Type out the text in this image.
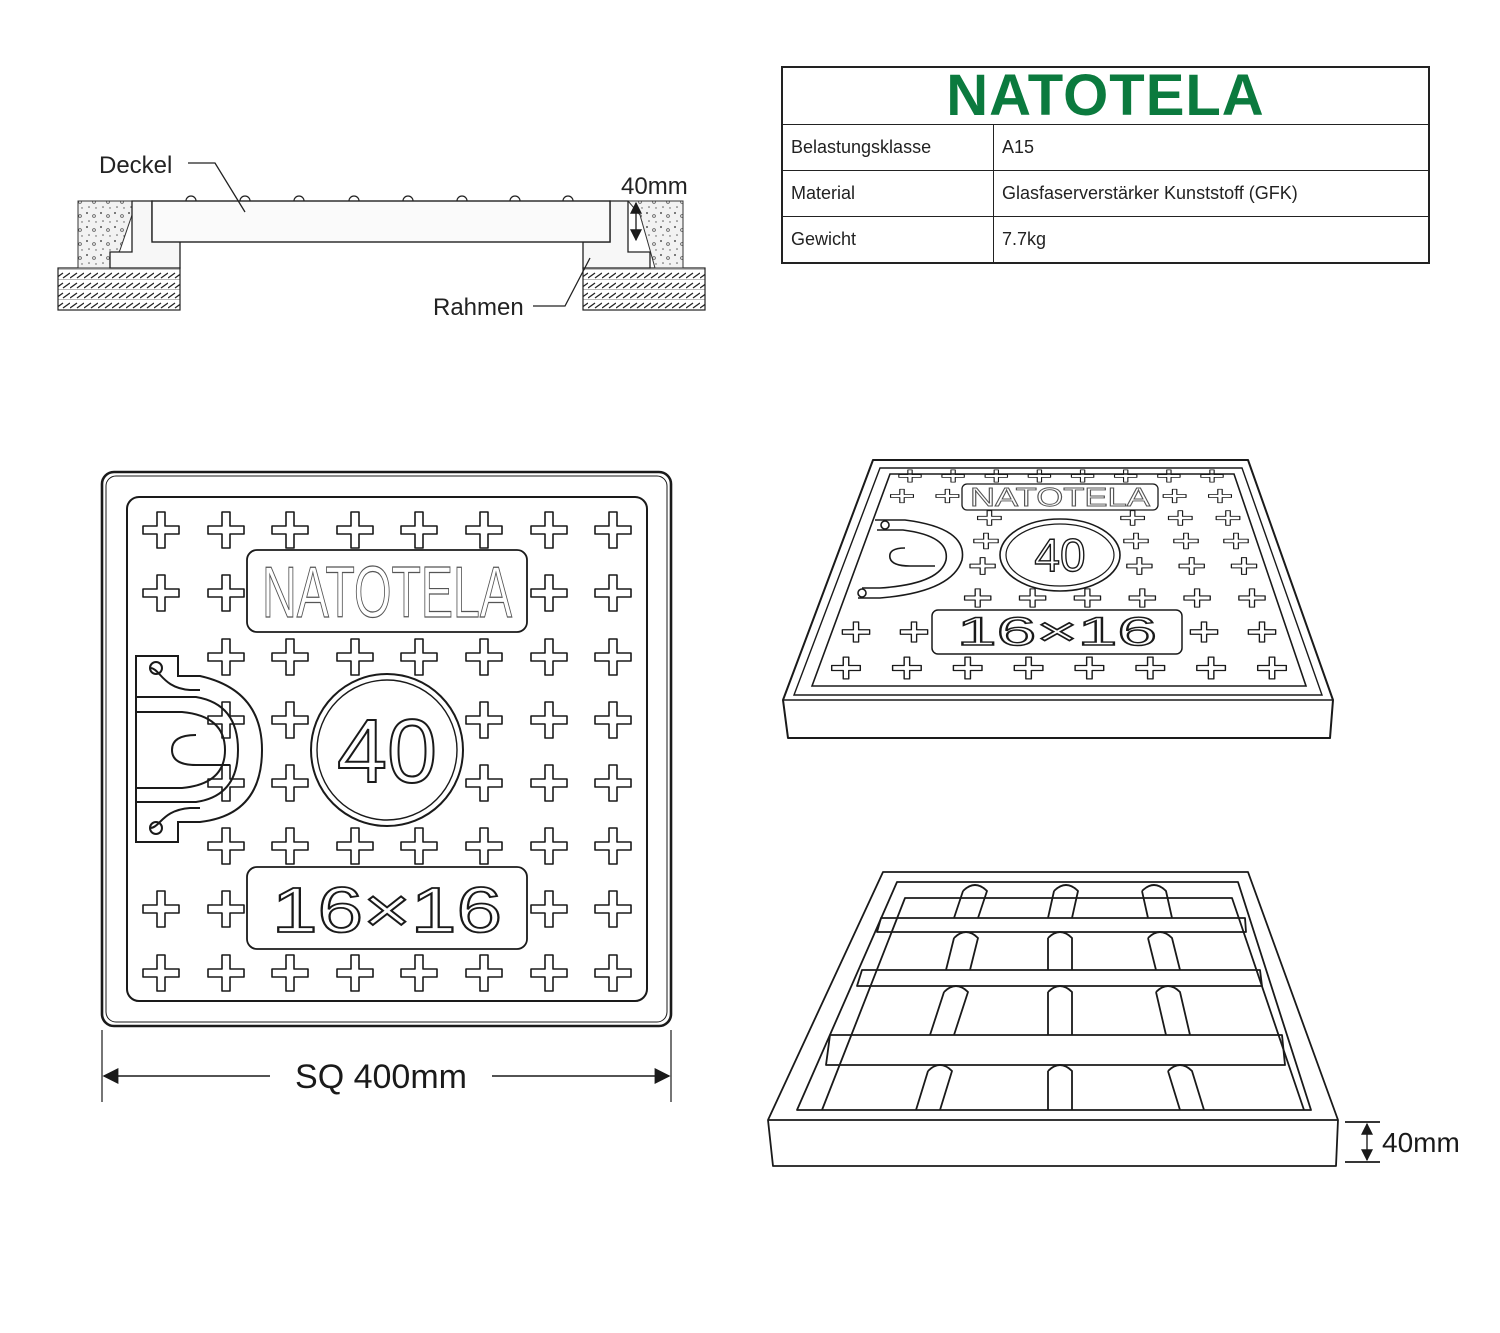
NATOTELA	
Belastungsklasse	A15
Material	Glasfaserverstärker Kunststoff (GFK)
Gewicht	7.7kg
Deckel
Rahmen
40mm
NATOTELA
40
16×16
SQ 400mm
NATOTELA
40
16×16
40mm
